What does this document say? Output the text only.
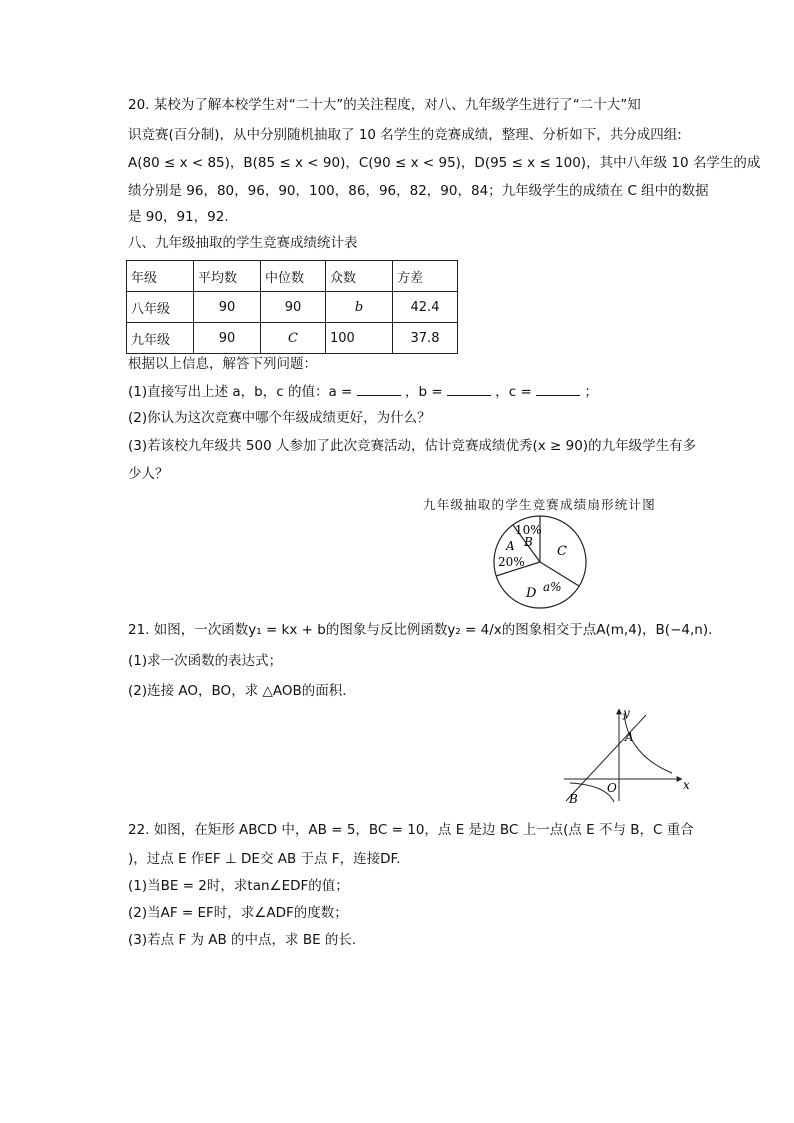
20. 某校为了解本校学生对“二十大”的关注程度，对八、九年级学生进行了“二十大”知
识竞赛(百分制)，从中分别随机抽取了 10 名学生的竞赛成绩，整理、分析如下，共分成四组:
A(80 ≤ x < 85)，B(85 ≤ x < 90)，C(90 ≤ x < 95)，D(95 ≤ x ≤ 100)，其中八年级 10 名学生的成
绩分别是 96，80，96，90，100，86，96，82，90，84；九年级学生的成绩在 C 组中的数据
是 90，91，92.
八、九年级抽取的学生竞赛成绩统计表
年级	平均数	中位数	众数	方差
八年级	90	90	b	42.4
九年级	90	C	100	37.8
根据以上信息，解答下列问题：
(1)直接写出上述 a，b，c 的值：a =	，b =	，c =	；
(2)你认为这次竞赛中哪个年级成绩更好，为什么？
(3)若该校九年级共 500 人参加了此次竞赛活动，估计竞赛成绩优秀(x ≥ 90)的九年级学生有多
少人？
九年级抽取的学生竞赛成绩扇形统计图
10%
B
A
20%
C
a%
D
21. 如图，一次函数y₁ = kx + b的图象与反比例函数y₂ = 4/x的图象相交于点A(m,4)，B(−4,n).
(1)求一次函数的表达式；
(2)连接 AO，BO，求 △AOB的面积.
y
x
A
B
O
22. 如图，在矩形 ABCD 中，AB = 5，BC = 10，点 E 是边 BC 上一点(点 E 不与 B，C 重合
)，过点 E 作EF ⊥ DE交 AB 于点 F，连接DF.
(1)当BE = 2时，求tan∠EDF的值；
(2)当AF = EF时，求∠ADF的度数；
(3)若点 F 为 AB 的中点，求 BE 的长.
